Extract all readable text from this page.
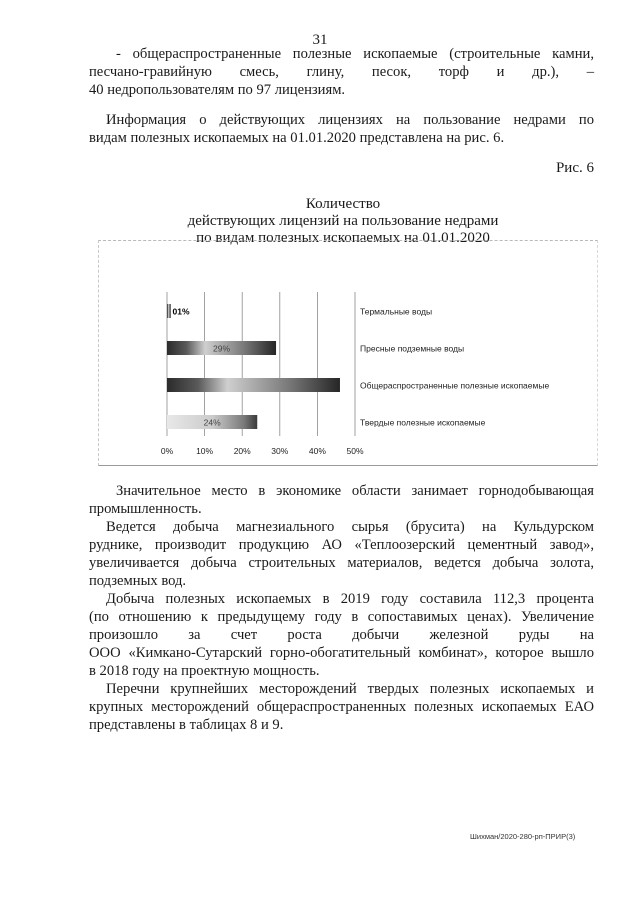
31

- общераспространенные полезные ископаемые (строительные камни,

песчано-гравийную смесь, глину, песок, торф и др.), –

40 недропользователям по 97 лицензиям.

Информация о действующих лицензиях на пользование недрами по

видам полезных ископаемых на 01.01.2020 представлена на рис. 6.

Рис. 6
Количество
действующих лицензий на пользование недрами
по видам полезных ископаемых на 01.01.2020
0%	10% 20% 30% 40% 50%
01%	Термальные воды
29%	Пресные подземные воды
Общераспространенные полезные ископаемые
24%	Твердые полезные ископаемые

Значительное место в экономике области занимает горнодобывающая

промышленность.

Ведется добыча магнезиального сырья (брусита) на Кульдурском

руднике, производит продукцию АО «Теплоозерский цементный завод»,

увеличивается добыча строительных материалов, ведется добыча золота,

подземных вод.

Добыча полезных ископаемых в 2019 году составила 112,3 процента

(по отношению к предыдущему году в сопоставимых ценах). Увеличение

произошло за счет роста добычи железной руды на

ООО «Кимкано-Сутарский горно-обогатительный комбинат», которое вышло

в 2018 году на проектную мощность.

Перечни крупнейших месторождений твердых полезных ископаемых и

крупных месторождений общераспространенных полезных ископаемых ЕАО

представлены в таблицах 8 и 9.

Шихман/2020-280-рп-ПРИР(3)
